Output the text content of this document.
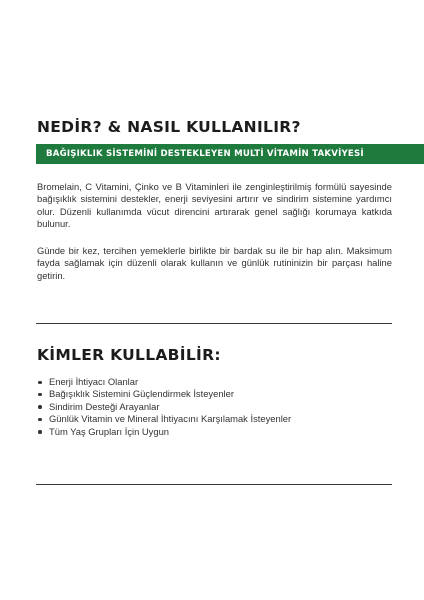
NEDİR? & NASIL KULLANILIR?
BAĞIŞIKLIK SİSTEMİNİ DESTEKLEYEN MULTİ VİTAMİN TAKVİYESİ

Bromelain, C Vitamini, Çinko ve B Vitaminleri ile zenginleştirilmiş formülü sayesinde bağışıklık sistemini destekler, enerji seviyesini artırır ve sindirim sistemine yardımcı olur. Düzenli kullanımda vücut direncini artırarak genel sağlığı korumaya katkıda bulunur.

Günde bir kez, tercihen yemeklerle birlikte bir bardak su ile bir hap alın. Maksimum fayda sağlamak için düzenli olarak kullanın ve günlük rutininizin bir parçası haline getirin.

KİMLER KULLABİLİR:
Enerji İhtiyacı Olanlar
Bağışıklık Sistemini Güçlendirmek İsteyenler
Sindirim Desteği Arayanlar
Günlük Vitamin ve Mineral İhtiyacını Karşılamak İsteyenler
Tüm Yaş Grupları İçin Uygun
